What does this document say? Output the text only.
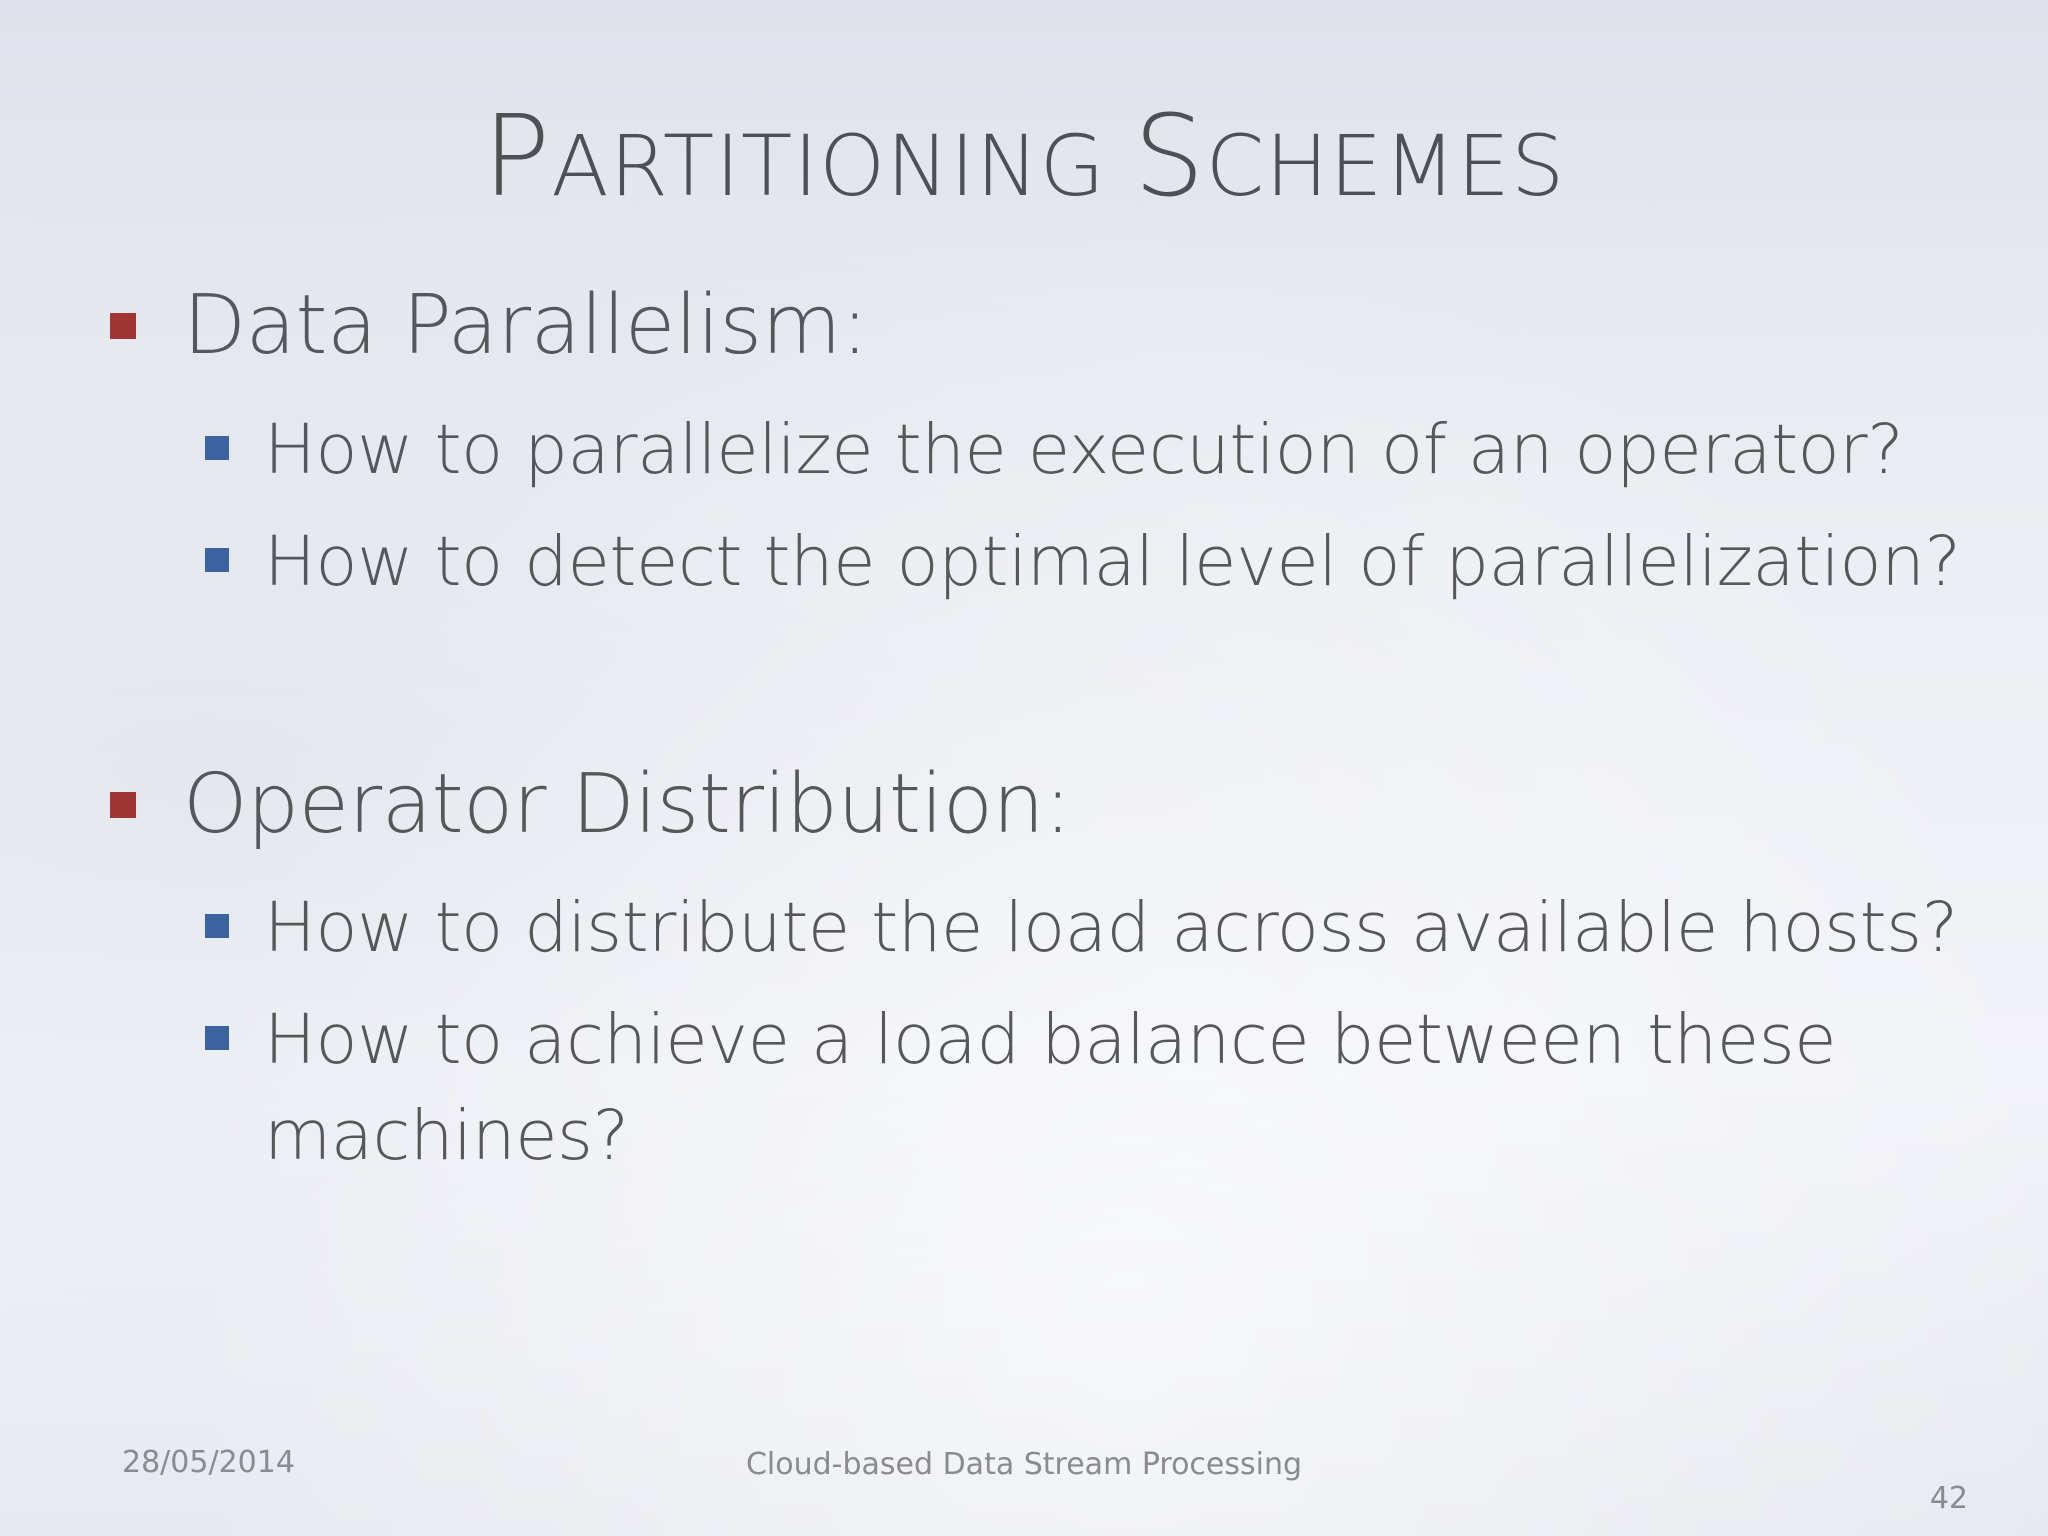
PARTITIONING SCHEMES
Data Parallelism:
How to parallelize the execution of an operator?
How to detect the optimal level of parallelization?
Operator Distribution:
How to distribute the load across available hosts?
How to achieve a load balance between these
machines?
28/05/2014	Cloud-based Data Stream Processing
42
